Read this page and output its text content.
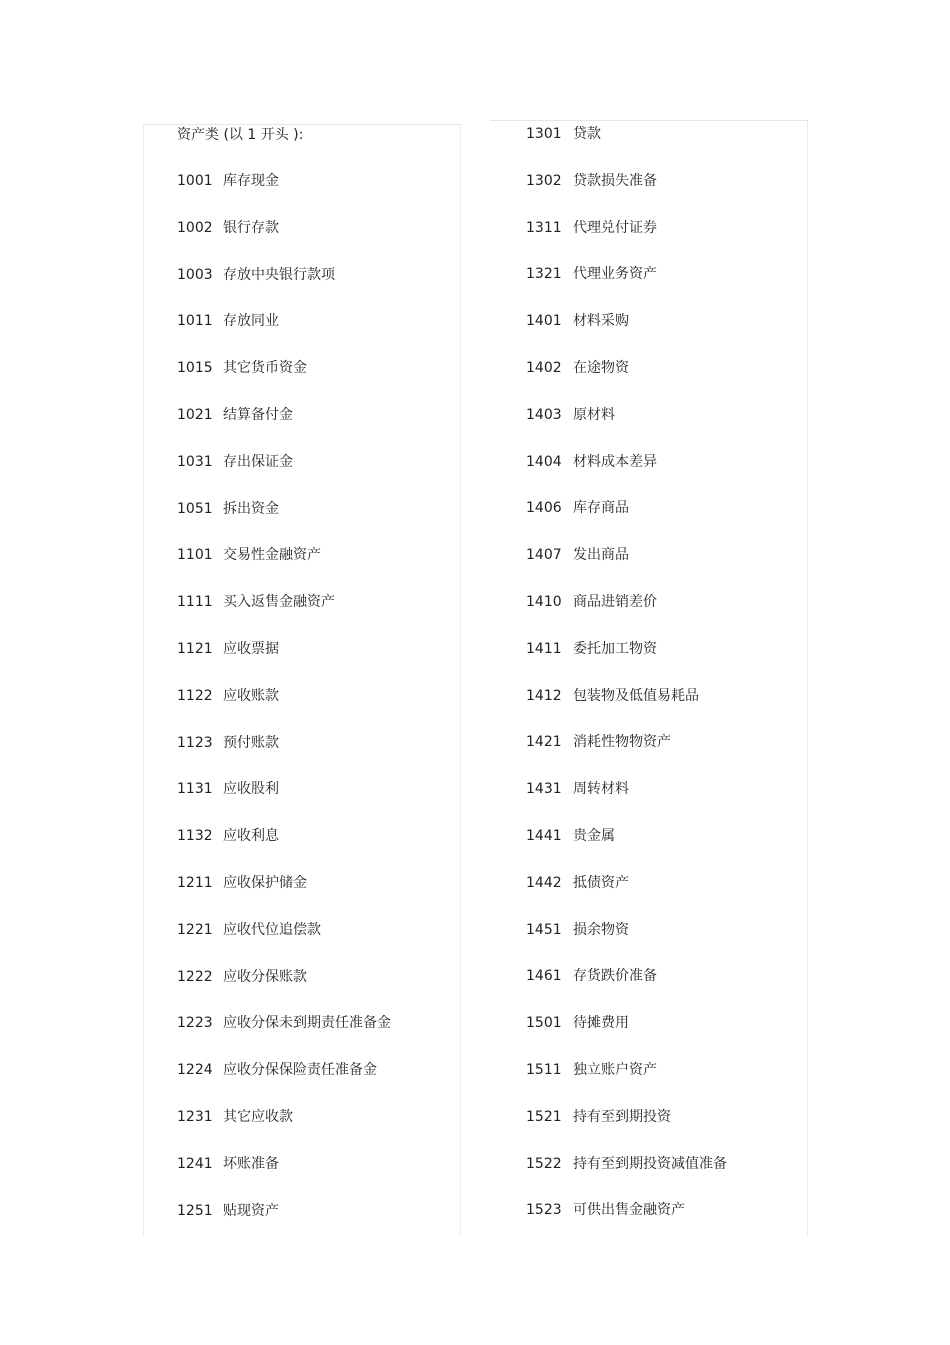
资产类 (以 1 开头 ):
1001 库存现金
1002 银行存款
1003 存放中央银行款项
1011 存放同业
1015 其它货币资金
1021 结算备付金
1031 存出保证金
1051 拆出资金
1101 交易性金融资产
1111 买入返售金融资产
1121 应收票据
1122 应收账款
1123 预付账款
1131 应收股利
1132 应收利息
1211 应收保护储金
1221 应收代位追偿款
1222 应收分保账款
1223 应收分保未到期责任准备金
1224 应收分保保险责任准备金
1231 其它应收款
1241 坏账准备
1251 贴现资产
1301 贷款
1302 贷款损失准备
1311 代理兑付证券
1321 代理业务资产
1401 材料采购
1402 在途物资
1403 原材料
1404 材料成本差异
1406 库存商品
1407 发出商品
1410 商品进销差价
1411 委托加工物资
1412 包装物及低值易耗品
1421 消耗性物物资产
1431 周转材料
1441 贵金属
1442 抵债资产
1451 损余物资
1461 存货跌价准备
1501 待摊费用
1511 独立账户资产
1521 持有至到期投资
1522 持有至到期投资减值准备
1523 可供出售金融资产
